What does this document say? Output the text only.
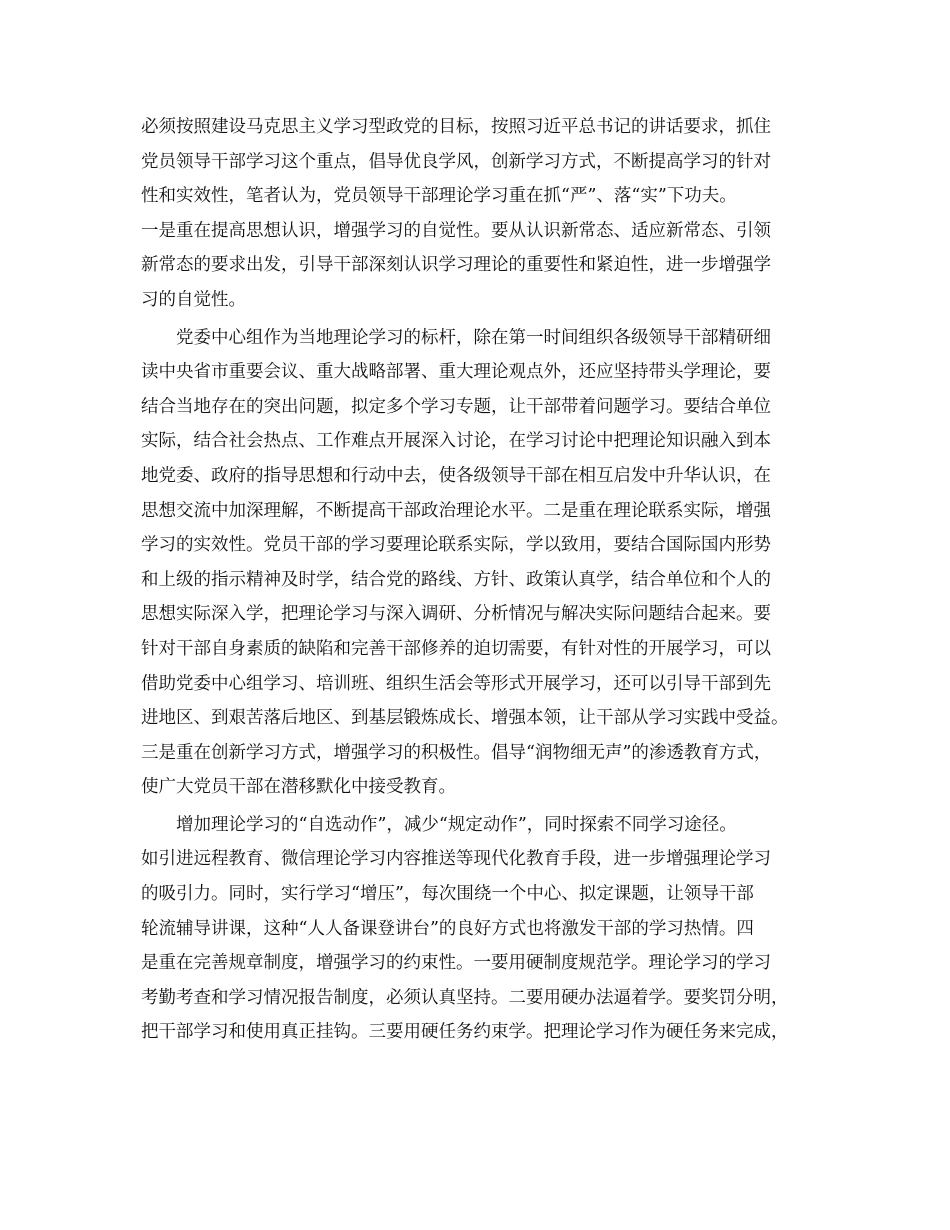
必须按照建设马克思主义学习型政党的目标，按照习近平总书记的讲话要求，抓住
党员领导干部学习这个重点，倡导优良学风，创新学习方式，不断提高学习的针对
性和实效性，笔者认为，党员领导干部理论学习重在抓“严”、落“实”下功夫。
一是重在提高思想认识，增强学习的自觉性。要从认识新常态、适应新常态、引领
新常态的要求出发，引导干部深刻认识学习理论的重要性和紧迫性，进一步增强学
习的自觉性。
党委中心组作为当地理论学习的标杆，除在第一时间组织各级领导干部精研细
读中央省市重要会议、重大战略部署、重大理论观点外，还应坚持带头学理论，要
结合当地存在的突出问题，拟定多个学习专题，让干部带着问题学习。要结合单位
实际，结合社会热点、工作难点开展深入讨论，在学习讨论中把理论知识融入到本
地党委、政府的指导思想和行动中去，使各级领导干部在相互启发中升华认识，在
思想交流中加深理解，不断提高干部政治理论水平。二是重在理论联系实际，增强
学习的实效性。党员干部的学习要理论联系实际，学以致用，要结合国际国内形势
和上级的指示精神及时学，结合党的路线、方针、政策认真学，结合单位和个人的
思想实际深入学，把理论学习与深入调研、分析情况与解决实际问题结合起来。要
针对干部自身素质的缺陷和完善干部修养的迫切需要，有针对性的开展学习，可以
借助党委中心组学习、培训班、组织生活会等形式开展学习，还可以引导干部到先
进地区、到艰苦落后地区、到基层锻炼成长、增强本领，让干部从学习实践中受益。
三是重在创新学习方式，增强学习的积极性。倡导“润物细无声”的渗透教育方式，
使广大党员干部在潜移默化中接受教育。
增加理论学习的“自选动作”，减少“规定动作”，同时探索不同学习途径。
如引进远程教育、微信理论学习内容推送等现代化教育手段，进一步增强理论学习
的吸引力。同时，实行学习“增压”，每次围绕一个中心、拟定课题，让领导干部
轮流辅导讲课，这种“人人备课登讲台”的良好方式也将激发干部的学习热情。四
是重在完善规章制度，增强学习的约束性。一要用硬制度规范学。理论学习的学习
考勤考查和学习情况报告制度，必须认真坚持。二要用硬办法逼着学。要奖罚分明，
把干部学习和使用真正挂钩。三要用硬任务约束学。把理论学习作为硬任务来完成，
